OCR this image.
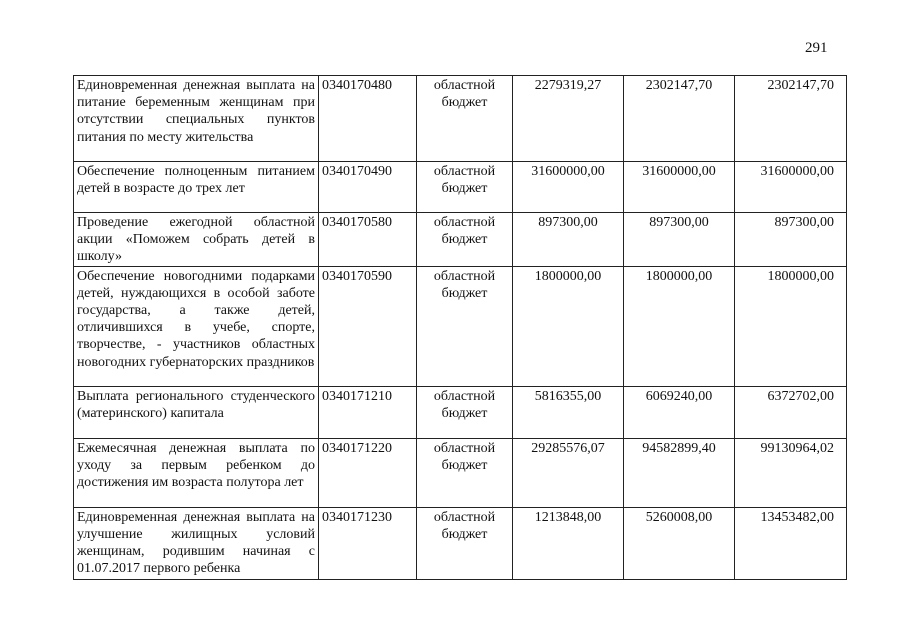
291
Единовременная денежная выплата на питание беременным женщинам при отсутствии специальных пунктов питания по месту жительства	0340170480	областной бюджет	2279319,27	2302147,70	2302147,70
Обеспечение полноценным питанием детей в возрасте до трех лет	0340170490	областной бюджет	31600000,00	31600000,00	31600000,00
Проведение ежегодной областной акции «Поможем собрать детей в школу»	0340170580	областной бюджет	897300,00	897300,00	897300,00
Обеспечение новогодними подарками детей, нуждающихся в особой заботе государства, а также детей, отличившихся в учебе, спорте, творчестве, - участников областных новогодних губернаторских праздников	0340170590	областной бюджет	1800000,00	1800000,00	1800000,00
Выплата регионального студенческого (материнского) капитала	0340171210	областной бюджет	5816355,00	6069240,00	6372702,00
Ежемесячная денежная выплата по уходу за первым ребенком до достижения им возраста полутора лет	0340171220	областной бюджет	29285576,07	94582899,40	99130964,02
Единовременная денежная выплата на улучшение жилищных условий женщинам, родившим начиная с 01.07.2017 первого ребенка	0340171230	областной бюджет	1213848,00	5260008,00	13453482,00
